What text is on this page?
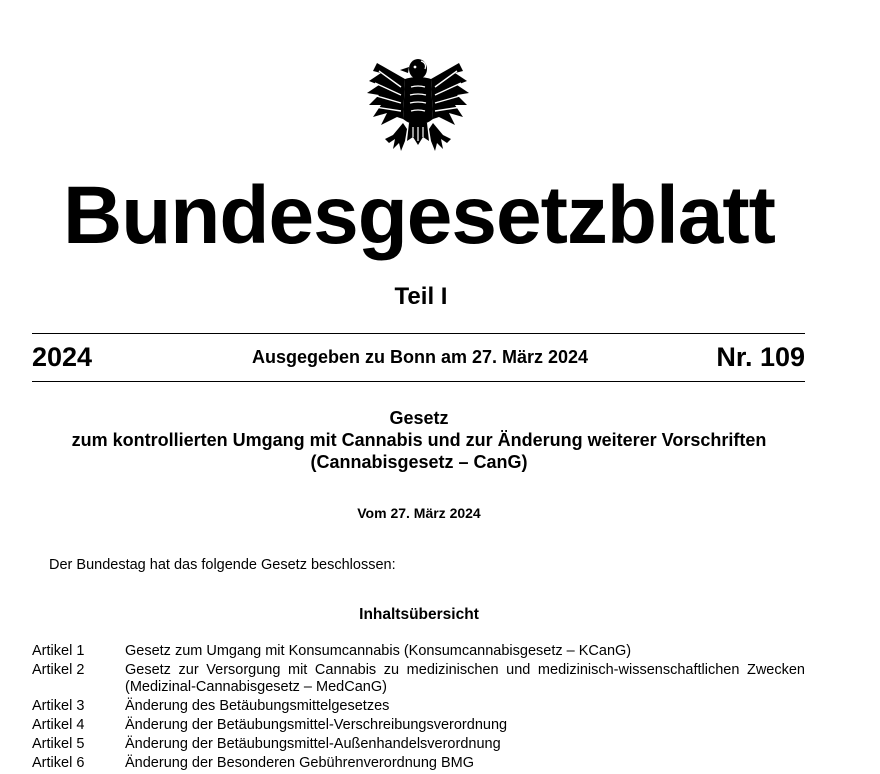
Bundesgesetzblatt
Teil I
2024	Ausgegeben zu Bonn am 27. März 2024	Nr. 109
Gesetz
zum kontrollierten Umgang mit Cannabis und zur Änderung weiterer Vorschriften
(Cannabisgesetz – CanG)
Vom 27. März 2024
Der Bundestag hat das folgende Gesetz beschlossen:
Inhaltsübersicht
Artikel 1	Gesetz zum Umgang mit Konsumcannabis (Konsumcannabisgesetz – KCanG)
Artikel 2	Gesetz zur Versorgung mit Cannabis zu medizinischen und medizinisch-wissenschaftlichen Zwecken (Medizinal-Cannabisgesetz – MedCanG)
Artikel 3	Änderung des Betäubungsmittelgesetzes
Artikel 4	Änderung der Betäubungsmittel-Verschreibungsverordnung
Artikel 5	Änderung der Betäubungsmittel-Außenhandelsverordnung
Artikel 6	Änderung der Besonderen Gebührenverordnung BMG
